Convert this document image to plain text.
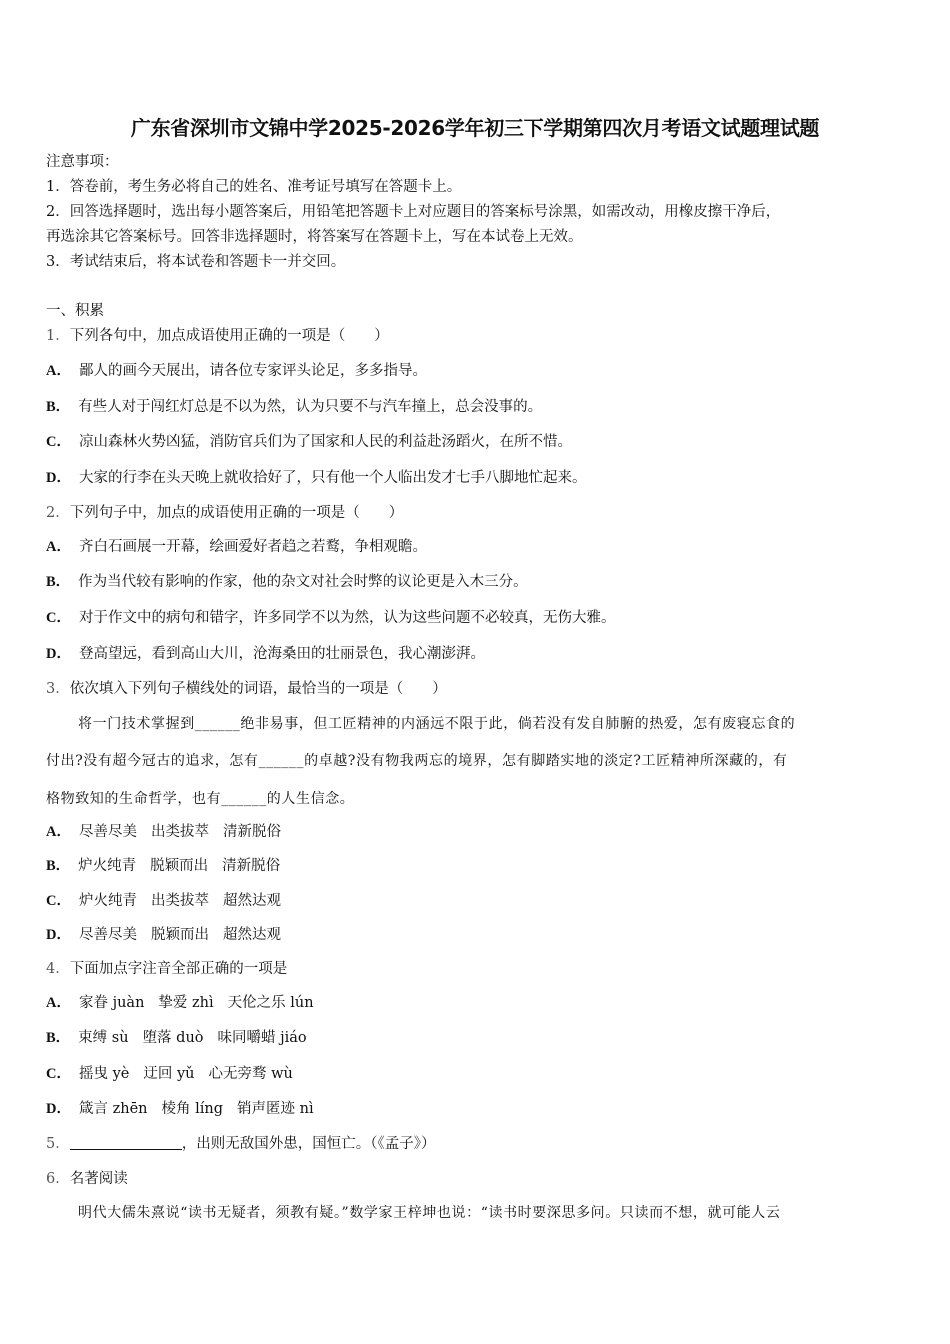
广东省深圳市文锦中学2025-2026学年初三下学期第四次月考语文试题理试题
注意事项：
1．答卷前，考生务必将自己的姓名、准考证号填写在答题卡上。
2．回答选择题时，选出每小题答案后，用铅笔把答题卡上对应题目的答案标号涂黑，如需改动，用橡皮擦干净后，
再选涂其它答案标号。回答非选择题时，将答案写在答题卡上，写在本试卷上无效。
3．考试结束后，将本试卷和答题卡一并交回。
一、积累
1．下列各句中，加点成语使用正确的一项是（　　）
A． 鄙人的画今天展出，请各位专家评头论足，多多指导。
B． 有些人对于闯红灯总是不以为然，认为只要不与汽车撞上，总会没事的。
C． 凉山森林火势凶猛，消防官兵们为了国家和人民的利益赴汤蹈火，在所不惜。
D． 大家的行李在头天晚上就收拾好了，只有他一个人临出发才七手八脚地忙起来。
2．下列句子中，加点的成语使用正确的一项是（　　）
A． 齐白石画展一开幕，绘画爱好者趋之若鹜，争相观瞻。
B． 作为当代较有影响的作家，他的杂文对社会时弊的议论更是入木三分。
C． 对于作文中的病句和错字，许多同学不以为然，认为这些问题不必较真，无伤大雅。
D． 登高望远，看到高山大川，沧海桑田的壮丽景色，我心潮澎湃。
3．依次填入下列句子横线处的词语，最恰当的一项是（　　）
将一门技术掌握到______绝非易事，但工匠精神的内涵远不限于此，倘若没有发自肺腑的热爱，怎有废寝忘食的
付出?没有超今冠古的追求，怎有______的卓越?没有物我两忘的境界，怎有脚踏实地的淡定?工匠精神所深藏的，有
格物致知的生命哲学，也有______的人生信念。
A． 尽善尽美 出类拔萃 清新脱俗
B． 炉火纯青 脱颖而出 清新脱俗
C． 炉火纯青 出类拔萃 超然达观
D． 尽善尽美 脱颖而出 超然达观
4．下面加点字注音全部正确的一项是
A． 家眷 juàn 挚爱 zhì 天伦之乐 lún
B． 束缚 sù 堕落 duò 味同嚼蜡 jiáo
C． 摇曳 yè 迂回 yǔ 心无旁骛 wù
D． 箴言 zhēn 棱角 líng 销声匿迹 nì
5．	，出则无敌国外患，国恒亡。（《孟子》）
6．名著阅读
明代大儒朱熹说“读书无疑者，须教有疑。”数学家王梓坤也说：“读书时要深思多问。只读而不想，就可能人云
